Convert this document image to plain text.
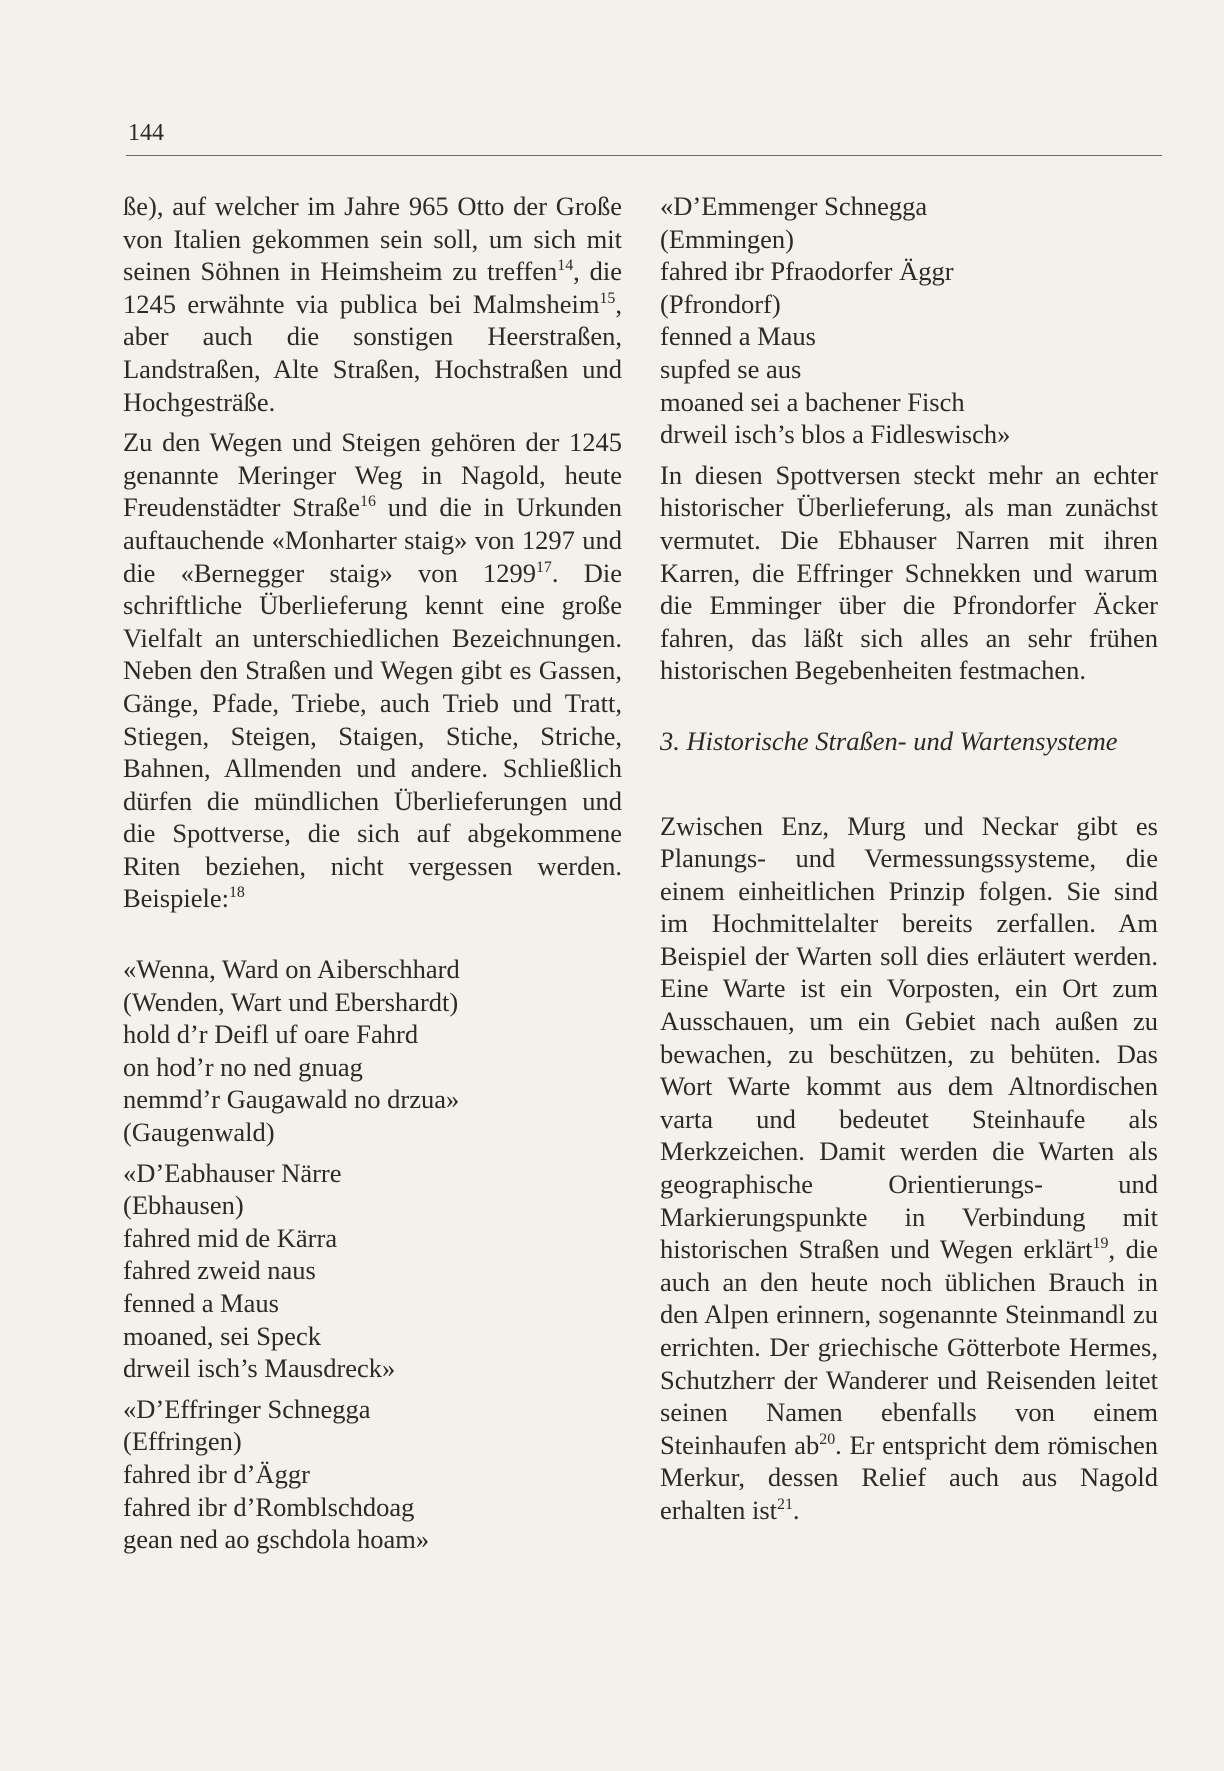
144

ße), auf welcher im Jahre 965 Otto der Große von Italien gekommen sein soll, um sich mit seinen Söhnen in Heimsheim zu treffen$^{14}$, die 1245 erwähnte via publica bei Malmsheim$^{15}$, aber auch die sonstigen Heerstraßen, Landstraßen, Alte Straßen, Hochstraßen und Hochgesträße.

Zu den Wegen und Steigen gehören der 1245 genannte Meringer Weg in Nagold, heute Freudenstädter Straße$^{16}$ und die in Urkunden auftauchende «Monharter staig» von 1297 und die «Bernegger staig» von 1299$^{17}$. Die schriftliche Überlieferung kennt eine große Vielfalt an unterschiedlichen Bezeichnungen. Neben den Straßen und Wegen gibt es Gassen, Gänge, Pfade, Triebe, auch Trieb und Tratt, Stiegen, Steigen, Staigen, Stiche, Striche, Bahnen, Allmenden und andere. Schließlich dürfen die mündlichen Überlieferungen und die Spottverse, die sich auf abgekommene Riten beziehen, nicht vergessen werden. Beispiele:$^{18}$

«Wenna, Ward on Aiberschhard
(Wenden, Wart und Ebershardt)
hold d’r Deifl uf oare Fahrd
on hod’r no ned gnuag
nemmd’r Gaugawald no drzua»
(Gaugenwald)
«D’Eabhauser Närre
(Ebhausen)
fahred mid de Kärra
fahred zweid naus
fenned a Maus
moaned, sei Speck
drweil isch’s Mausdreck»
«D’Effringer Schnegga
(Effringen)
fahred ibr d’Äggr
fahred ibr d’Romblschdoag
gean ned ao gschdola hoam»
«D’Emmenger Schnegga
(Emmingen)
fahred ibr Pfraodorfer Äggr
(Pfrondorf)
fenned a Maus
supfed se aus
moaned sei a bachener Fisch
drweil isch’s blos a Fidleswisch»

In diesen Spottversen steckt mehr an echter historischer Überlieferung, als man zunächst vermutet. Die Ebhauser Narren mit ihren Karren, die Effringer Schnekken und warum die Emminger über die Pfrondorfer Äcker fahren, das läßt sich alles an sehr frühen historischen Begebenheiten festmachen.

3. Historische Straßen- und Wartensysteme

Zwischen Enz, Murg und Neckar gibt es Planungs- und Vermessungssysteme, die einem einheitlichen Prinzip folgen. Sie sind im Hochmittelalter bereits zerfallen. Am Beispiel der Warten soll dies erläutert werden. Eine Warte ist ein Vorposten, ein Ort zum Ausschauen, um ein Gebiet nach außen zu bewachen, zu beschützen, zu behüten. Das Wort Warte kommt aus dem Altnordischen varta und bedeutet Steinhaufe als Merkzeichen. Damit werden die Warten als geographische Orientierungs- und Markierungspunkte in Verbindung mit historischen Straßen und Wegen erklärt$^{19}$, die auch an den heute noch üblichen Brauch in den Alpen erinnern, sogenannte Steinmandl zu errichten. Der griechische Götterbote Hermes, Schutzherr der Wanderer und Reisenden leitet seinen Namen ebenfalls von einem Steinhaufen $ab^{20}$. Er entspricht dem römischen Merkur, dessen Relief auch aus Nagold erhalten ist$^{21}$.
